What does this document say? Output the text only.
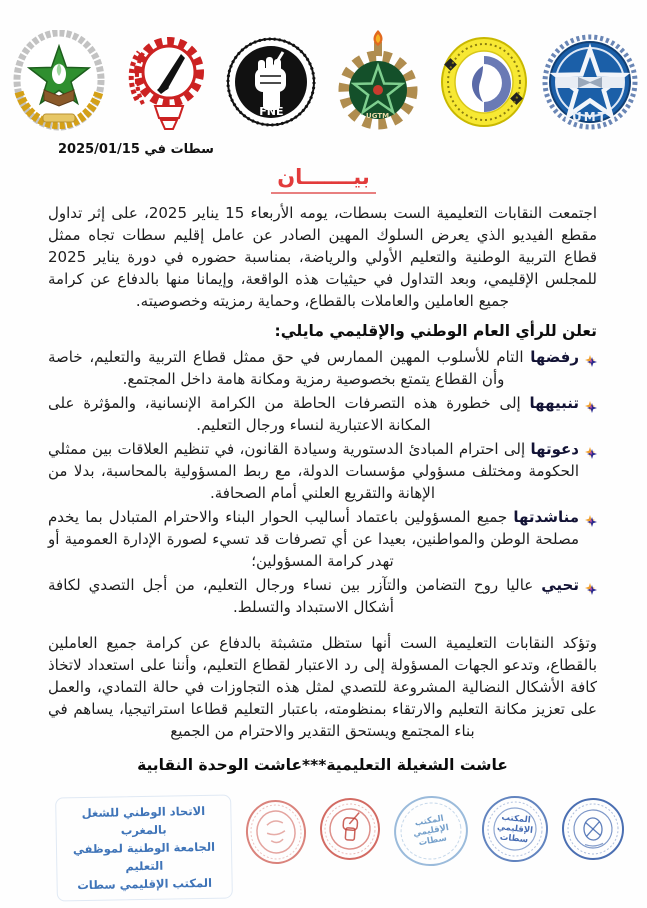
FNE	UGTM	UMT
سطات في 2025/01/15
بيـــــــان

اجتمعت النقابات التعليمية الست بسطات، يومه الأربعاء 15 يناير 2025، على إثر تداول مقطع الفيديو الذي يعرض السلوك المهين الصادر عن عامل إقليم سطات تجاه ممثل قطاع التربية الوطنية والتعليم الأولي والرياضة، بمناسبة حضوره في دورة يناير 2025 للمجلس الإقليمي، وبعد التداول في حيثيات هذه الواقعة، وإيمانا منها بالدفاع عن كرامة جميع العاملين والعاملات بالقطاع، وحماية رمزيته وخصوصيته.

تعلن للرأي العام الوطني والإقليمي مايلي:
رفضها التام للأسلوب المهين الممارس في حق ممثل قطاع التربية والتعليم، خاصة وأن القطاع يتمتع بخصوصية رمزية ومكانة هامة داخل المجتمع.
تنبيهها إلى خطورة هذه التصرفات الحاطة من الكرامة الإنسانية، والمؤثرة على المكانة الاعتبارية لنساء ورجال التعليم.
دعوتها إلى احترام المبادئ الدستورية وسيادة القانون، في تنظيم العلاقات بين ممثلي الحكومة ومختلف مسؤولي مؤسسات الدولة، مع ربط المسؤولية بالمحاسبة، بدلا من الإهانة والتقريع العلني أمام الصحافة.
مناشدتها جميع المسؤولين باعتماد أساليب الحوار البناء والاحترام المتبادل بما يخدم مصلحة الوطن والمواطنين، بعيدا عن أي تصرفات قد تسيء لصورة الإدارة العمومية أو تهدر كرامة المسؤولين؛
تحيي عاليا روح التضامن والتآزر بين نساء ورجال التعليم، من أجل التصدي لكافة أشكال الاستبداد والتسلط.

وتؤكد النقابات التعليمية الست أنها ستظل متشبثة بالدفاع عن كرامة جميع العاملين بالقطاع، وتدعو الجهات المسؤولة إلى رد الاعتبار لقطاع التعليم، وأننا على استعداد لاتخاذ كافة الأشكال النضالية المشروعة للتصدي لمثل هذه التجاوزات في حالة التمادي، والعمل على تعزيز مكانة التعليم والارتقاء بمنظومته، باعتبار التعليم قطاعا استراتيجيا، يساهم في بناء المجتمع ويستحق التقدير والاحترام من الجميع

عاشت الشغيلة التعليمية***عاشت الوحدة النقابية
الاتحاد الوطني للشغل بالمغرب
الجامعة الوطنية لموظفي التعليم
المكتب الإقليمي سطات
المكتب الإقليمي سطات
المكتب الإقليمي سطات
